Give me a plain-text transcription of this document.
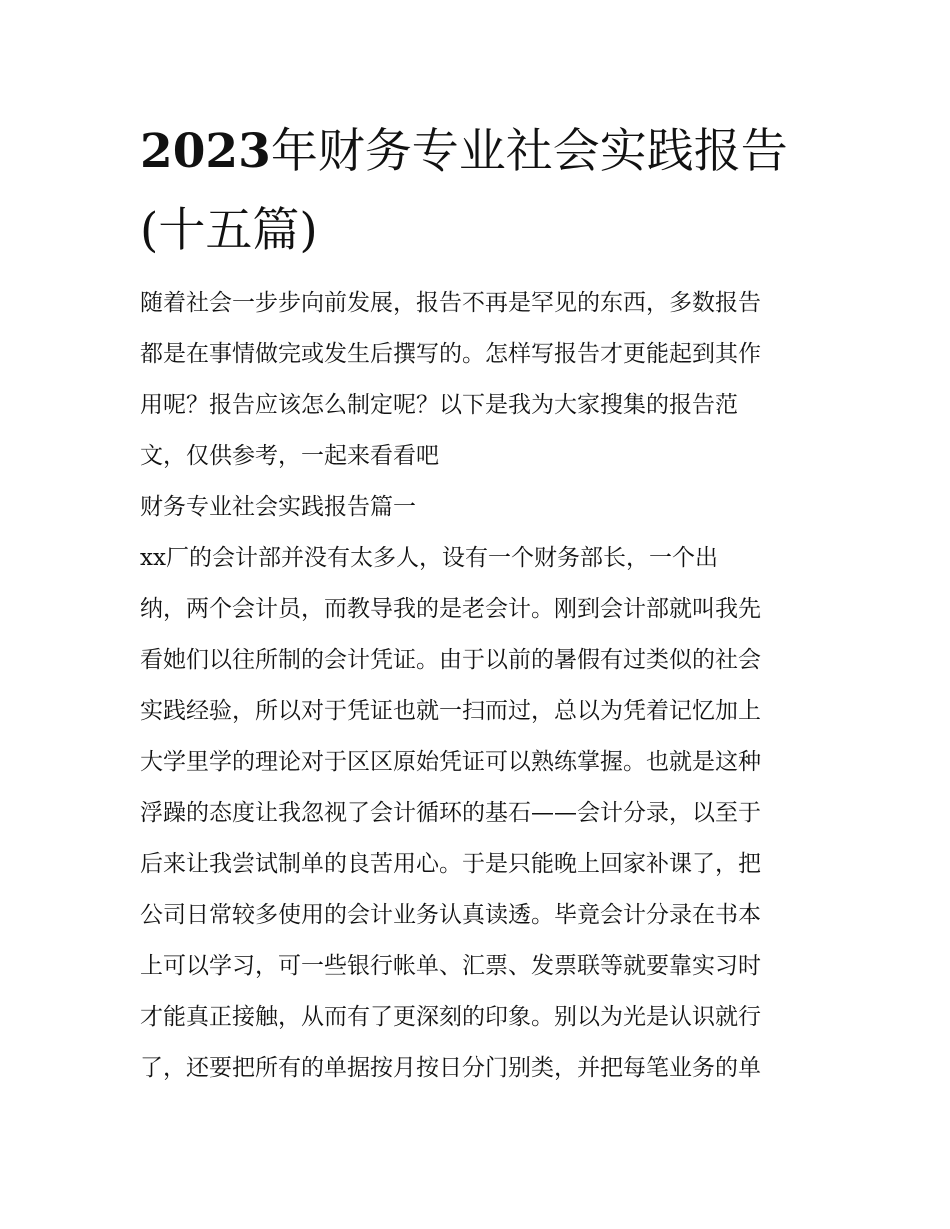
2023年财务专业社会实践报告
(十五篇)
随着社会一步步向前发展，报告不再是罕见的东西，多数报告
都是在事情做完或发生后撰写的。怎样写报告才更能起到其作
用呢？报告应该怎么制定呢？以下是我为大家搜集的报告范
文，仅供参考，一起来看看吧
财务专业社会实践报告篇一
xx厂的会计部并没有太多人，设有一个财务部长，一个出
纳，两个会计员，而教导我的是老会计。刚到会计部就叫我先
看她们以往所制的会计凭证。由于以前的暑假有过类似的社会
实践经验，所以对于凭证也就一扫而过，总以为凭着记忆加上
大学里学的理论对于区区原始凭证可以熟练掌握。也就是这种
浮躁的态度让我忽视了会计循环的基石——会计分录，以至于
后来让我尝试制单的良苦用心。于是只能晚上回家补课了，把
公司日常较多使用的会计业务认真读透。毕竟会计分录在书本
上可以学习，可一些银行帐单、汇票、发票联等就要靠实习时
才能真正接触，从而有了更深刻的印象。别以为光是认识就行
了，还要把所有的单据按月按日分门别类，并把每笔业务的单
